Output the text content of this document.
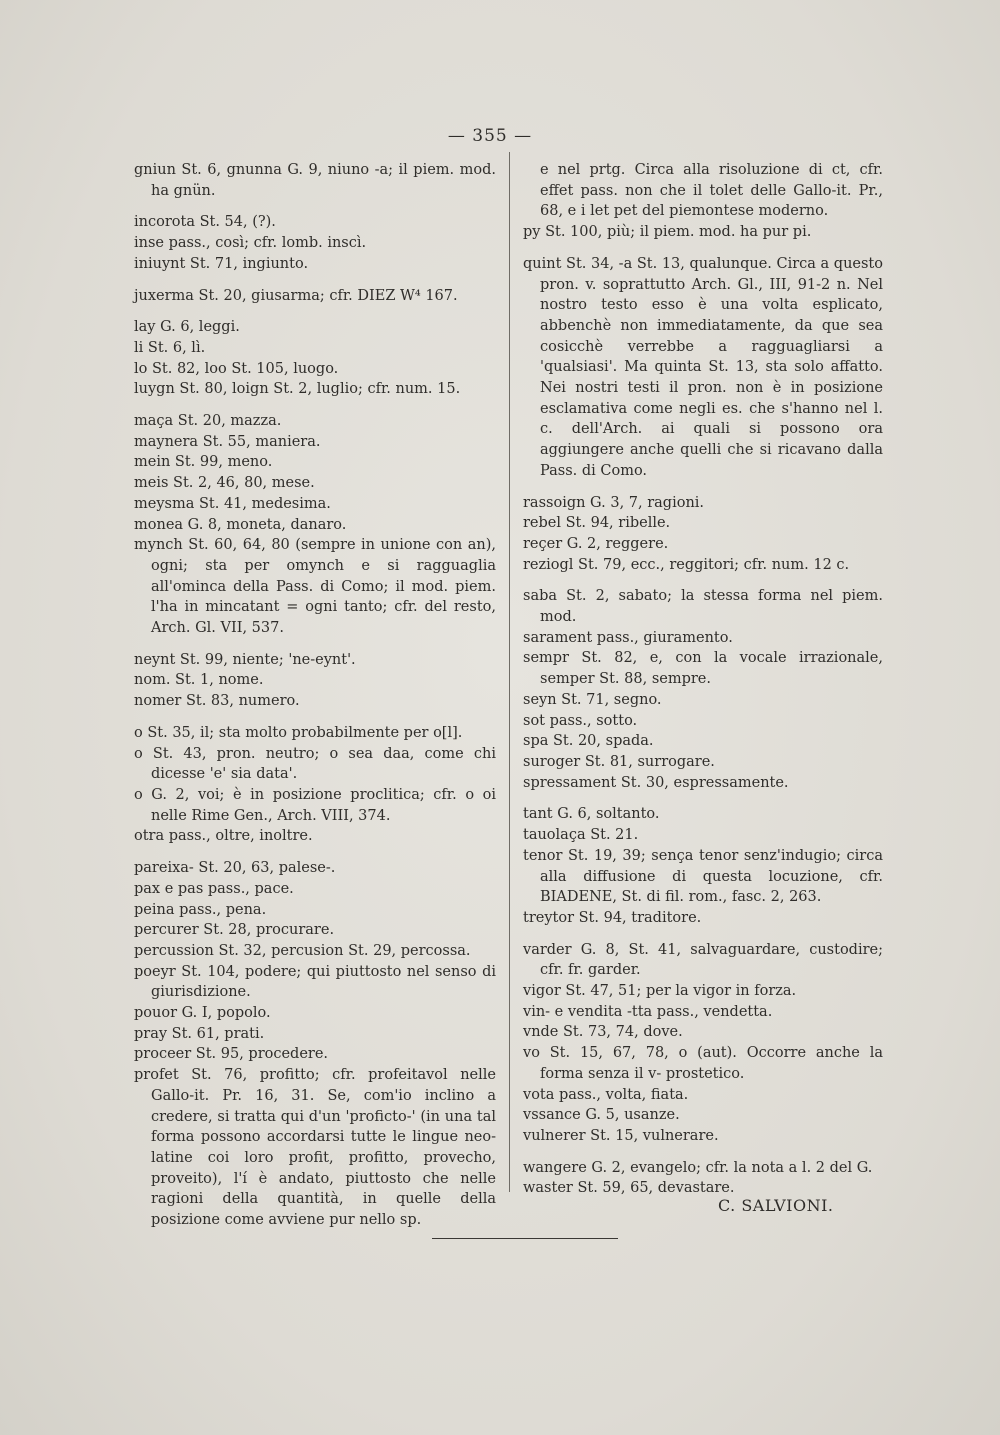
— 355 —

gniun St. 6, gnunna G. 9, niuno -a; il piem. mod. ha gnün.

incorota St. 54, (?).

inse pass., così; cfr. lomb. inscì.

iniuynt St. 71, ingiunto.

juxerma St. 20, giusarma; cfr. DIEZ W⁴ 167.

lay G. 6, leggi.

li St. 6, lì.

lo St. 82, loo St. 105, luogo.

luygn St. 80, loign St. 2, luglio; cfr. num. 15.

maça St. 20, mazza.

maynera St. 55, maniera.

mein St. 99, meno.

meis St. 2, 46, 80, mese.

meysma St. 41, medesima.

monea G. 8, moneta, danaro.

mynch St. 60, 64, 80 (sempre in unione con an), ogni; sta per omynch e si ragguaglia all'ominca della Pass. di Como; il mod. piem. l'ha in mincatant = ogni tanto; cfr. del resto, Arch. Gl. VII, 537.

neynt St. 99, niente; 'ne-eynt'.

nom. St. 1, nome.

nomer St. 83, numero.

o St. 35, il; sta molto probabilmente per o[l].

o St. 43, pron. neutro; o sea daa, come chi dicesse 'e' sia data'.

o G. 2, voi; è in posizione proclitica; cfr. o oi nelle Rime Gen., Arch. VIII, 374.

otra pass., oltre, inoltre.

pareixa- St. 20, 63, palese-.

pax e pas pass., pace.

peina pass., pena.

percurer St. 28, procurare.

percussion St. 32, percusion St. 29, percossa.

poeyr St. 104, podere; qui piuttosto nel senso di giurisdizione.

pouor G. I, popolo.

pray St. 61, prati.

proceer St. 95, procedere.

profet St. 76, profitto; cfr. profeitavol nelle Gallo-it. Pr. 16, 31. Se, com'io inclino a credere, si tratta qui d'un 'proficto-' (in una tal forma possono accordarsi tutte le lingue neo-latine coi loro profit, profitto, provecho, proveito), l'í è andato, piuttosto che nelle ragioni della quantità, in quelle della posizione come avviene pur nello sp.

e nel prtg. Circa alla risoluzione di ct, cfr. effet pass. non che il tolet delle Gallo-it. Pr., 68, e i let pet del piemontese moderno.

py St. 100, più; il piem. mod. ha pur pi.

quint St. 34, -a St. 13, qualunque. Circa a questo pron. v. soprattutto Arch. Gl., III, 91-2 n. Nel nostro testo esso è una volta esplicato, abbenchè non immediatamente, da que sea cosicchè verrebbe a ragguagliarsi a 'qualsiasi'. Ma quinta St. 13, sta solo affatto. Nei nostri testi il pron. non è in posizione esclamativa come negli es. che s'hanno nel l. c. dell'Arch. ai quali si possono ora aggiungere anche quelli che si ricavano dalla Pass. di Como.

rassoign G. 3, 7, ragioni.

rebel St. 94, ribelle.

reçer G. 2, reggere.

reziogl St. 79, ecc., reggitori; cfr. num. 12 c.

saba St. 2, sabato; la stessa forma nel piem. mod.

sarament pass., giuramento.

sempr St. 82, e, con la vocale irrazionale, semper St. 88, sempre.

seyn St. 71, segno.

sot pass., sotto.

spa St. 20, spada.

suroger St. 81, surrogare.

spressament St. 30, espressamente.

tant G. 6, soltanto.

tauolaça St. 21.

tenor St. 19, 39; sença tenor senz'indugio; circa alla diffusione di questa locuzione, cfr. BIADENE, St. di fil. rom., fasc. 2, 263.

treytor St. 94, traditore.

varder G. 8, St. 41, salvaguardare, custodire; cfr. fr. garder.

vigor St. 47, 51; per la vigor in forza.

vin- e vendita -tta pass., vendetta.

vnde St. 73, 74, dove.

vo St. 15, 67, 78, o (aut). Occorre anche la forma senza il v- prostetico.

vota pass., volta, fiata.

vssance G. 5, usanze.

vulnerer St. 15, vulnerare.

wangere G. 2, evangelo; cfr. la nota a l. 2 del G.

waster St. 59, 65, devastare.

C. SALVIONI.
